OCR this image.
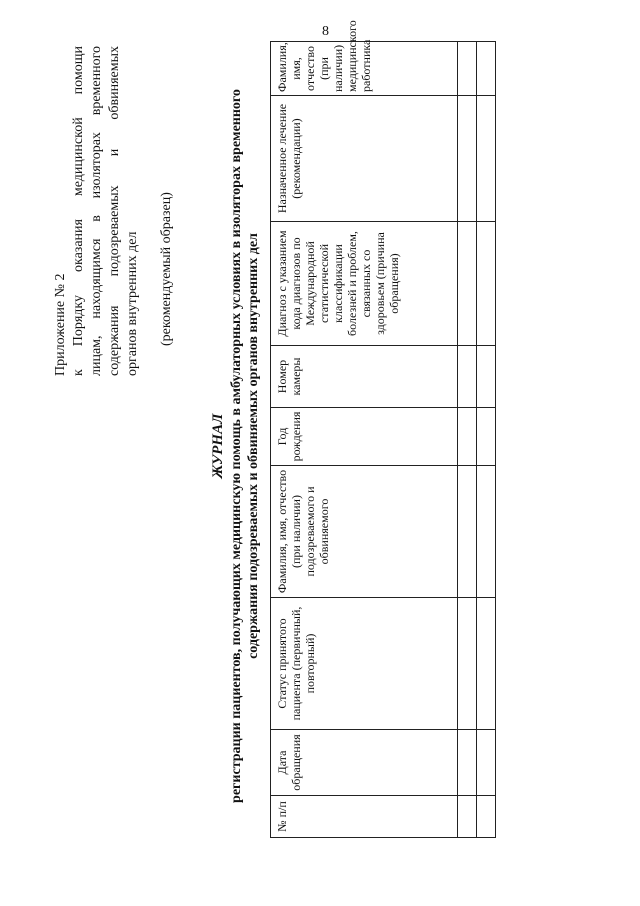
8
Приложение № 2 к Порядку оказания медицинской помощи лицам, находящимся в изоляторах временного содержания подозреваемых и обвиняемых органов внутренних дел (рекомендуемый образец)
ЖУРНАЛ регистрации пациентов, получающих медицинскую помощь в амбулаторных условиях в изоляторах временного содержания подозреваемых и обвиняемых органов внутренних дел
№ п/п	Дата обращения	Статус принятого пациента (первичный, повторный)	Фамилия, имя, отчество (при наличии) подозреваемого и обвиняемого	Год рождения	Номер камеры	Диагноз с указанием кода диагнозов по Международной статистической классификации болезней и проблем, связанных со здоровьем (причина обращения)	Назначенное лечение (рекомендации)	Фамилия, имя, отчество (при наличии) медицинского работника
